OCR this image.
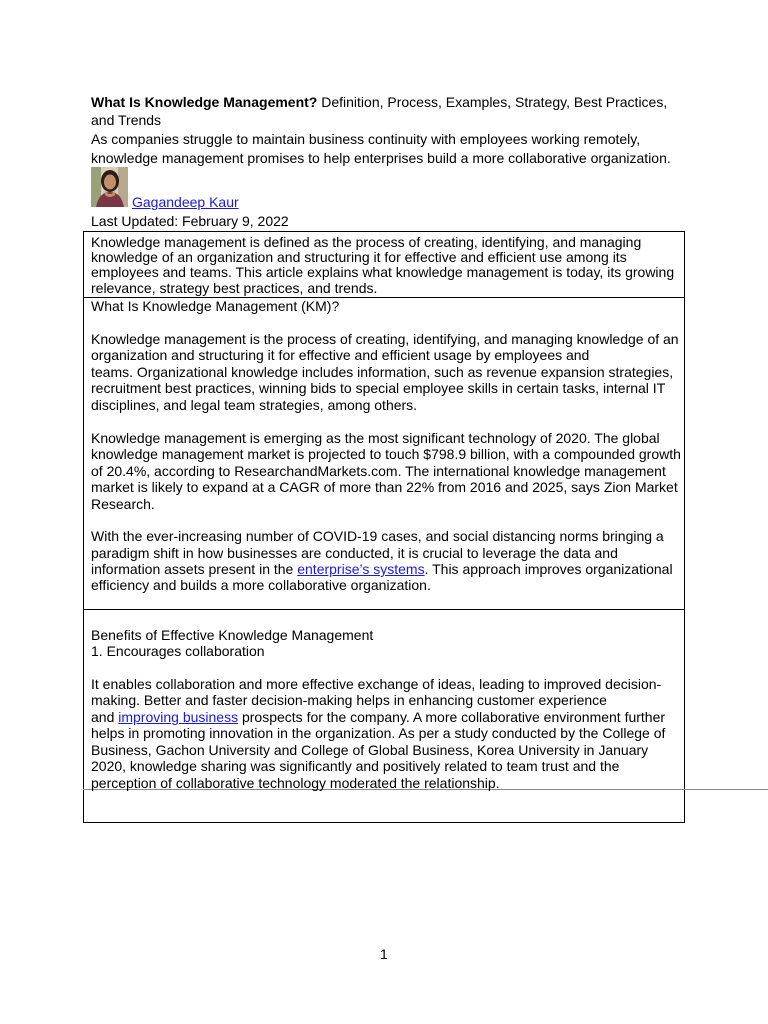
What Is Knowledge Management? Definition, Process, Examples, Strategy, Best Practices,
and Trends
As companies struggle to maintain business continuity with employees working remotely,
knowledge management promises to help enterprises build a more collaborative organization.
Gagandeep Kaur
Last Updated: February 9, 2022
Knowledge management is defined as the process of creating, identifying, and managing
knowledge of an organization and structuring it for effective and efficient use among its
employees and teams. This article explains what knowledge management is today, its growing
relevance, strategy best practices, and trends.
What Is Knowledge Management (KM)?
Knowledge management is the process of creating, identifying, and managing knowledge of an
organization and structuring it for effective and efficient usage by employees and
teams. Organizational knowledge includes information, such as revenue expansion strategies,
recruitment best practices, winning bids to special employee skills in certain tasks, internal IT
disciplines, and legal team strategies, among others.
Knowledge management is emerging as the most significant technology of 2020. The global
knowledge management market is projected to touch $798.9 billion, with a compounded growth
of 20.4%, according to ResearchandMarkets.com. The international knowledge management
market is likely to expand at a CAGR of more than 22% from 2016 and 2025, says Zion Market
Research.
With the ever-increasing number of COVID-19 cases, and social distancing norms bringing a
paradigm shift in how businesses are conducted, it is crucial to leverage the data and
information assets present in the enterprise’s systems. This approach improves organizational
efficiency and builds a more collaborative organization.
Benefits of Effective Knowledge Management
1. Encourages collaboration
It enables collaboration and more effective exchange of ideas, leading to improved decision-
making. Better and faster decision-making helps in enhancing customer experience
and improving business prospects for the company. A more collaborative environment further
helps in promoting innovation in the organization. As per a study conducted by the College of
Business, Gachon University and College of Global Business, Korea University in January
2020, knowledge sharing was significantly and positively related to team trust and the
perception of collaborative technology moderated the relationship.
1
